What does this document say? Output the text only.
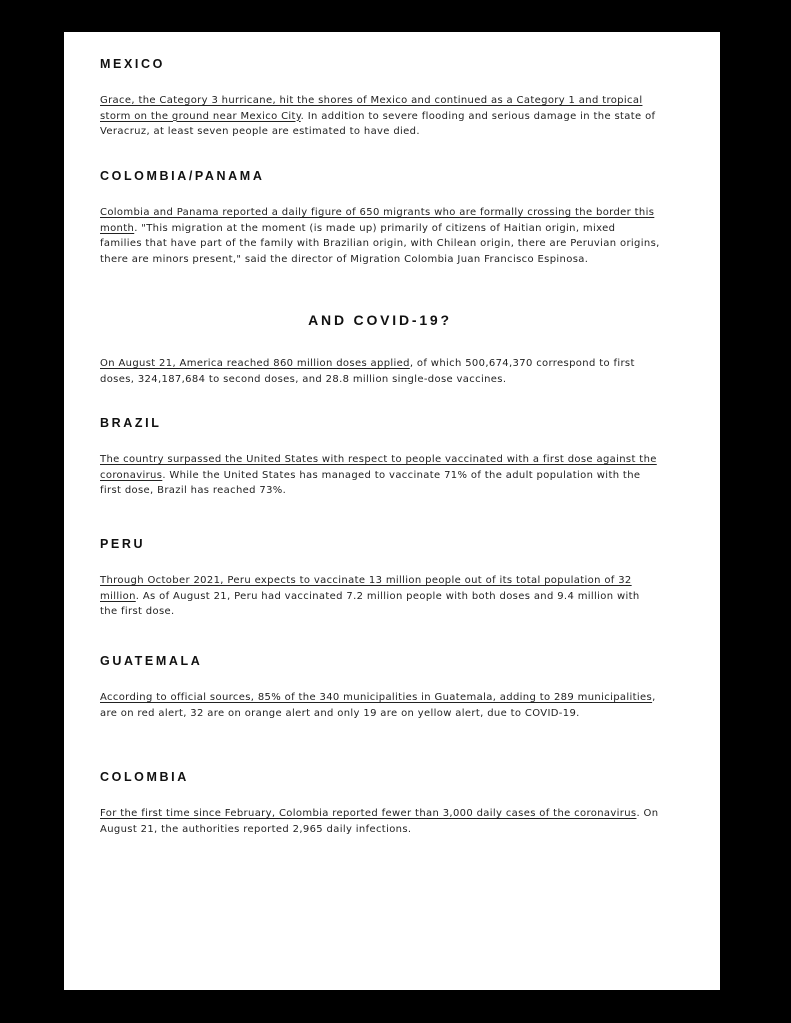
MEXICO

Grace, the Category 3 hurricane, hit the shores of Mexico and continued as a Category 1 and tropical storm on the ground near Mexico City. In addition to severe flooding and serious damage in the state of Veracruz, at least seven people are estimated to have died.

COLOMBIA/PANAMA

Colombia and Panama reported a daily figure of 650 migrants who are formally crossing the border this month. "This migration at the moment (is made up) primarily of citizens of Haitian origin, mixed families that have part of the family with Brazilian origin, with Chilean origin, there are Peruvian origins, there are minors present," said the director of Migration Colombia Juan Francisco Espinosa.

AND COVID-19?

On August 21, America reached 860 million doses applied, of which 500,674,370 correspond to first doses, 324,187,684 to second doses, and 28.8 million single-dose vaccines.

BRAZIL

The country surpassed the United States with respect to people vaccinated with a first dose against the coronavirus. While the United States has managed to vaccinate 71% of the adult population with the first dose, Brazil has reached 73%.

PERU

Through October 2021, Peru expects to vaccinate 13 million people out of its total population of 32 million. As of August 21, Peru had vaccinated 7.2 million people with both doses and 9.4 million with the first dose.

GUATEMALA

According to official sources, 85% of the 340 municipalities in Guatemala, adding to 289 municipalities, are on red alert, 32 are on orange alert and only 19 are on yellow alert, due to COVID-19.

COLOMBIA

For the first time since February, Colombia reported fewer than 3,000 daily cases of the coronavirus. On August 21, the authorities reported 2,965 daily infections.
